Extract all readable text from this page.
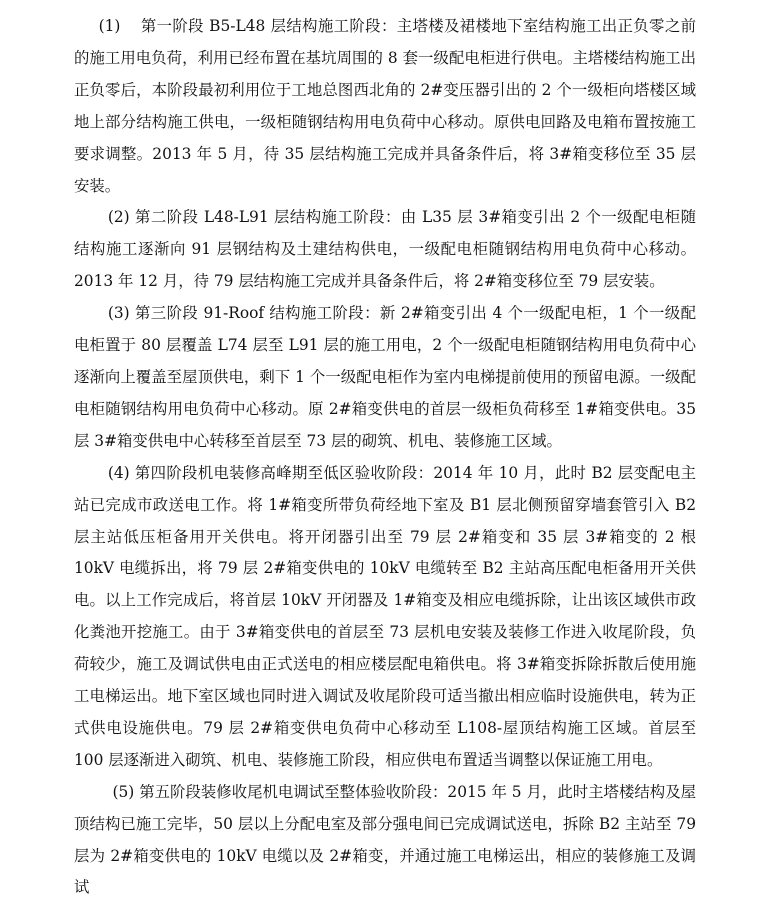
(1) 第一阶段 B5-L48 层结构施工阶段：主塔楼及裙楼地下室结构施工出正负零之前的施工用电负荷，利用已经布置在基坑周围的 8 套一级配电柜进行供电。主塔楼结构施工出正负零后，本阶段最初利用位于工地总图西北角的 2#变压器引出的 2 个一级柜向塔楼区域地上部分结构施工供电，一级柜随钢结构用电负荷中心移动。原供电回路及电箱布置按施工要求调整。2013 年 5 月，待 35 层结构施工完成并具备条件后，将 3#箱变移位至 35 层安装。

(2) 第二阶段 L48-L91 层结构施工阶段：由 L35 层 3#箱变引出 2 个一级配电柜随结构施工逐渐向 91 层钢结构及土建结构供电，一级配电柜随钢结构用电负荷中心移动。2013 年 12 月，待 79 层结构施工完成并具备条件后，将 2#箱变移位至 79 层安装。

(3) 第三阶段 91-Roof 结构施工阶段：新 2#箱变引出 4 个一级配电柜，1 个一级配电柜置于 80 层覆盖 L74 层至 L91 层的施工用电，2 个一级配电柜随钢结构用电负荷中心逐渐向上覆盖至屋顶供电，剩下 1 个一级配电柜作为室内电梯提前使用的预留电源。一级配电柜随钢结构用电负荷中心移动。原 2#箱变供电的首层一级柜负荷移至 1#箱变供电。35 层 3#箱变供电中心转移至首层至 73 层的砌筑、机电、装修施工区域。

(4) 第四阶段机电装修高峰期至低区验收阶段：2014 年 10 月，此时 B2 层变配电主站已完成市政送电工作。将 1#箱变所带负荷经地下室及 B1 层北侧预留穿墙套管引入 B2 层主站低压柜备用开关供电。将开闭器引出至 79 层 2#箱变和 35 层 3#箱变的 2 根 10kV 电缆拆出，将 79 层 2#箱变供电的 10kV 电缆转至 B2 主站高压配电柜备用开关供电。以上工作完成后，将首层 10kV 开闭器及 1#箱变及相应电缆拆除，让出该区域供市政化粪池开挖施工。由于 3#箱变供电的首层至 73 层机电安装及装修工作进入收尾阶段，负荷较少，施工及调试供电由正式送电的相应楼层配电箱供电。将 3#箱变拆除拆散后使用施工电梯运出。地下室区域也同时进入调试及收尾阶段可适当撤出相应临时设施供电，转为正式供电设施供电。79 层 2#箱变供电负荷中心移动至 L108-屋顶结构施工区域。首层至 100 层逐渐进入砌筑、机电、装修施工阶段，相应供电布置适当调整以保证施工用电。

(5) 第五阶段装修收尾机电调试至整体验收阶段：2015 年 5 月，此时主塔楼结构及屋顶结构已施工完毕，50 层以上分配电室及部分强电间已完成调试送电，拆除 B2 主站至 79 层为 2#箱变供电的 10kV 电缆以及 2#箱变，并通过施工电梯运出，相应的装修施工及调试
